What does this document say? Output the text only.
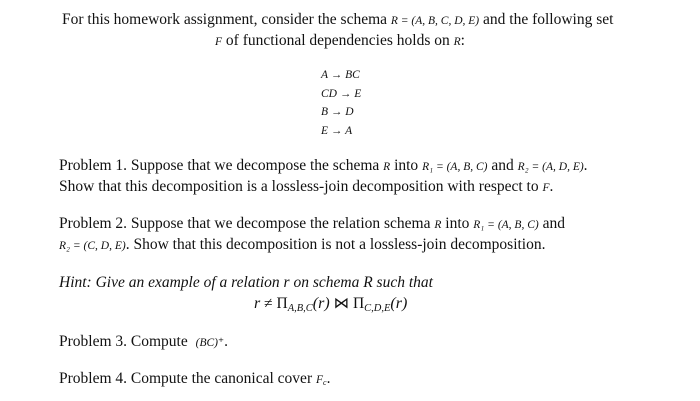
For this homework assignment, consider the schema R = (A, B, C, D, E) and the following set
F of functional dependencies holds on R:
A → BC
CD → E
B → D
E → A
Problem 1. Suppose that we decompose the schema R into R₁ = (A, B, C) and R₂ = (A, D, E).
Show that this decomposition is a lossless-join decomposition with respect to F.
Problem 2. Suppose that we decompose the relation schema R into R₁ = (A, B, C) and
R₂ = (C, D, E). Show that this decomposition is not a lossless-join decomposition.
Hint: Give an example of a relation r on schema R such that
r ≠ ΠA,B,C(r) ⋈ ΠC,D,E(r)
Problem 3. Compute (BC)⁺.
Problem 4. Compute the canonical cover Fc.
